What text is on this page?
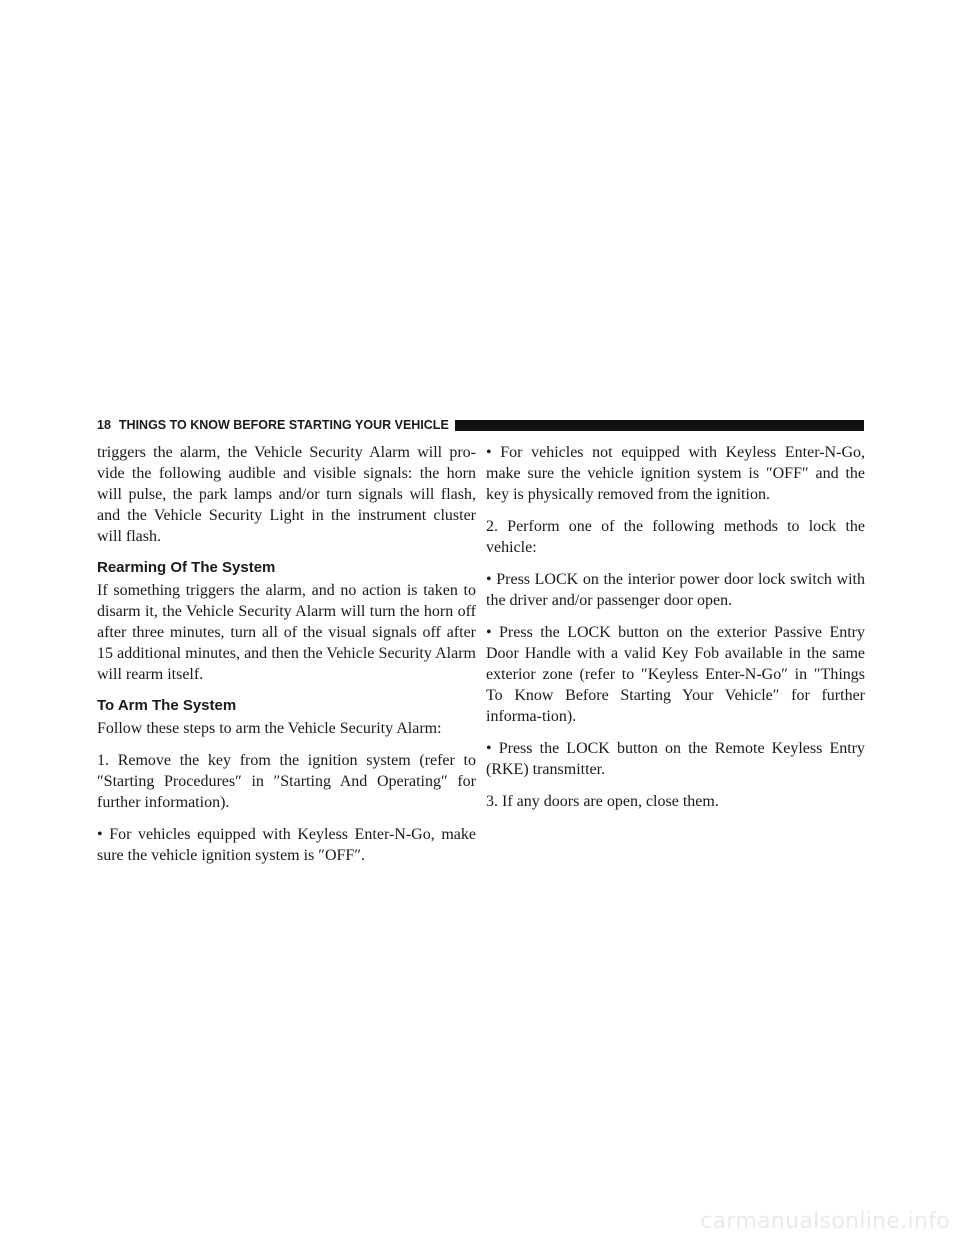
18 THINGS TO KNOW BEFORE STARTING YOUR VEHICLE

triggers the alarm, the Vehicle Security Alarm will pro-vide the following audible and visible signals: the horn will pulse, the park lamps and/or turn signals will flash, and the Vehicle Security Light in the instrument cluster will flash.

Rearming Of The System

If something triggers the alarm, and no action is taken to disarm it, the Vehicle Security Alarm will turn the horn off after three minutes, turn all of the visual signals off after 15 additional minutes, and then the Vehicle Security Alarm will rearm itself.

To Arm The System

Follow these steps to arm the Vehicle Security Alarm:

1. Remove the key from the ignition system (refer to ″Starting Procedures″ in ″Starting And Operating″ for further information).

• For vehicles equipped with Keyless Enter-N-Go, make sure the vehicle ignition system is ″OFF″.

• For vehicles not equipped with Keyless Enter-N-Go, make sure the vehicle ignition system is ″OFF″ and the key is physically removed from the ignition.

2. Perform one of the following methods to lock the vehicle:

• Press LOCK on the interior power door lock switch with the driver and/or passenger door open.

• Press the LOCK button on the exterior Passive Entry Door Handle with a valid Key Fob available in the same exterior zone (refer to ″Keyless Enter-N-Go″ in ″Things To Know Before Starting Your Vehicle″ for further informa-tion).

• Press the LOCK button on the Remote Keyless Entry (RKE) transmitter.

3. If any doors are open, close them.

carmanualsonline.info
